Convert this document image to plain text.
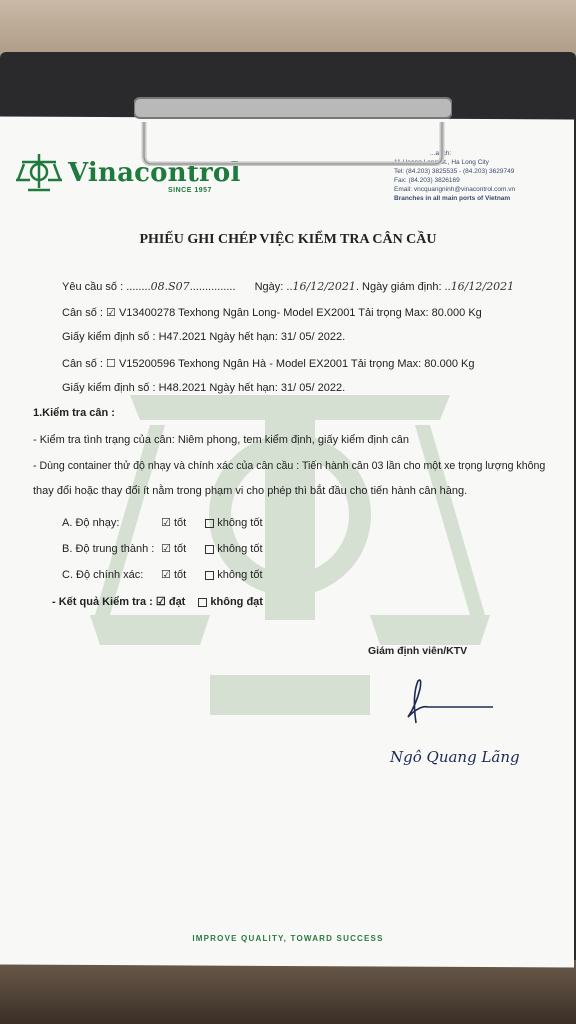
Vinacontrol
SINCE 1957
...anch:
11 Hoang Long St., Ha Long City
Tel: (84.203) 3825535 - (84.203) 3629749
Fax: (84.203) 3826169
Email: vncquangninh@vinacontrol.com.vn
Branches in all main ports of Vietnam
PHIẾU GHI CHÉP VIỆC KIỂM TRA CÂN CẦU
Yêu cầu số : ........08.S07............... Ngày: ..16/12/2021. Ngày giám định: ..16/12/2021
Cân số : ☑ V13400278 Texhong Ngân Long- Model EX2001 Tải trọng Max: 80.000 Kg
Giấy kiểm định số : H47.2021 Ngày hết hạn: 31/ 05/ 2022.
Cân số : ☐ V15200596 Texhong Ngân Hà - Model EX2001 Tải trọng Max: 80.000 Kg
Giấy kiểm định số : H48.2021 Ngày hết hạn: 31/ 05/ 2022.
1.Kiểm tra cân :
- Kiểm tra tình trạng của cân: Niêm phong, tem kiểm định, giấy kiểm định cân
- Dùng container thử độ nhạy và chính xác của cân cầu : Tiến hành cân 03 lần cho một xe trọng lượng không
thay đổi hoặc thay đổi ít nằm trong phạm vi cho phép thì bắt đầu cho tiến hành cân hàng.
A. Độ nhạy:	☑ tốt	không tốt
B. Độ trung thành : ☑ tốt	không tốt
C. Độ chính xác: ☑ tốt	không tốt
- Kết quả Kiểm tra : ☑ đạt không đạt
Giám định viên/KTV
Ngô Quang Lãng
IMPROVE QUALITY, TOWARD SUCCESS
